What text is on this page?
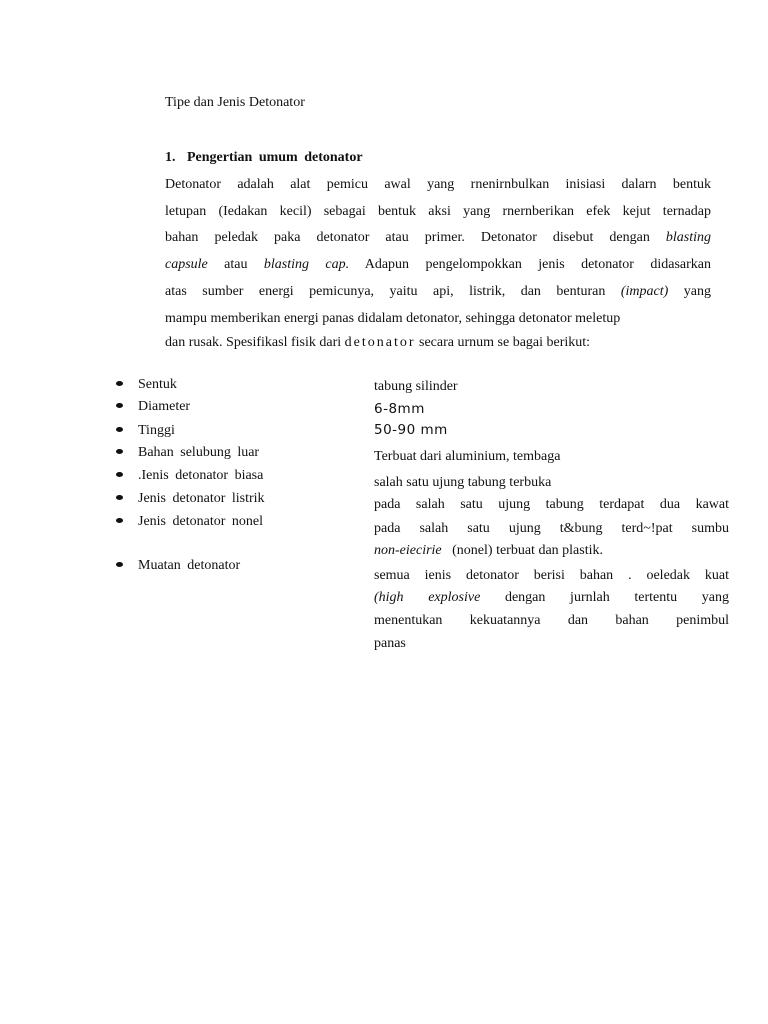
Tipe dan Jenis Detonator
1. Pengertian umum detonator
Detonator adalah alat pemicu awal yang rnenirnbulkan inisiasi dalarn bentuk
letupan (Iedakan kecil) sebagai bentuk aksi yang rnernberikan efek kejut ternadap
bahan peledak paka detonator atau primer. Detonator disebut dengan blasting
capsule atau blasting cap. Adapun pengelompokkan jenis detonator didasarkan
atas sumber energi pemicunya, yaitu api, listrik, dan benturan (impact) yang
mampu memberikan energi panas didalam detonator, sehingga detonator meletup
dan rusak. Spesifikasl fisik dari detonator secara urnum se bagai berikut:
Sentuk
Diameter
Tinggi
Bahan selubung luar
.Ienis detonator biasa
Jenis detonator listrik
Jenis detonator nonel
Muatan detonator
tabung silinder
6-8mm
50-90 mm
Terbuat dari aluminium, tembaga
salah satu ujung tabung terbuka
pada salah satu ujung tabung terdapat dua kawat
pada salah satu ujung t&bung terd~!pat sumbu
non-eiecirie (nonel) terbuat dan plastik.
semua ienis detonator berisi bahan . oeledak kuat
(high explosive dengan jurnlah tertentu yang
menentukan kekuatannya dan bahan penimbul
panas
